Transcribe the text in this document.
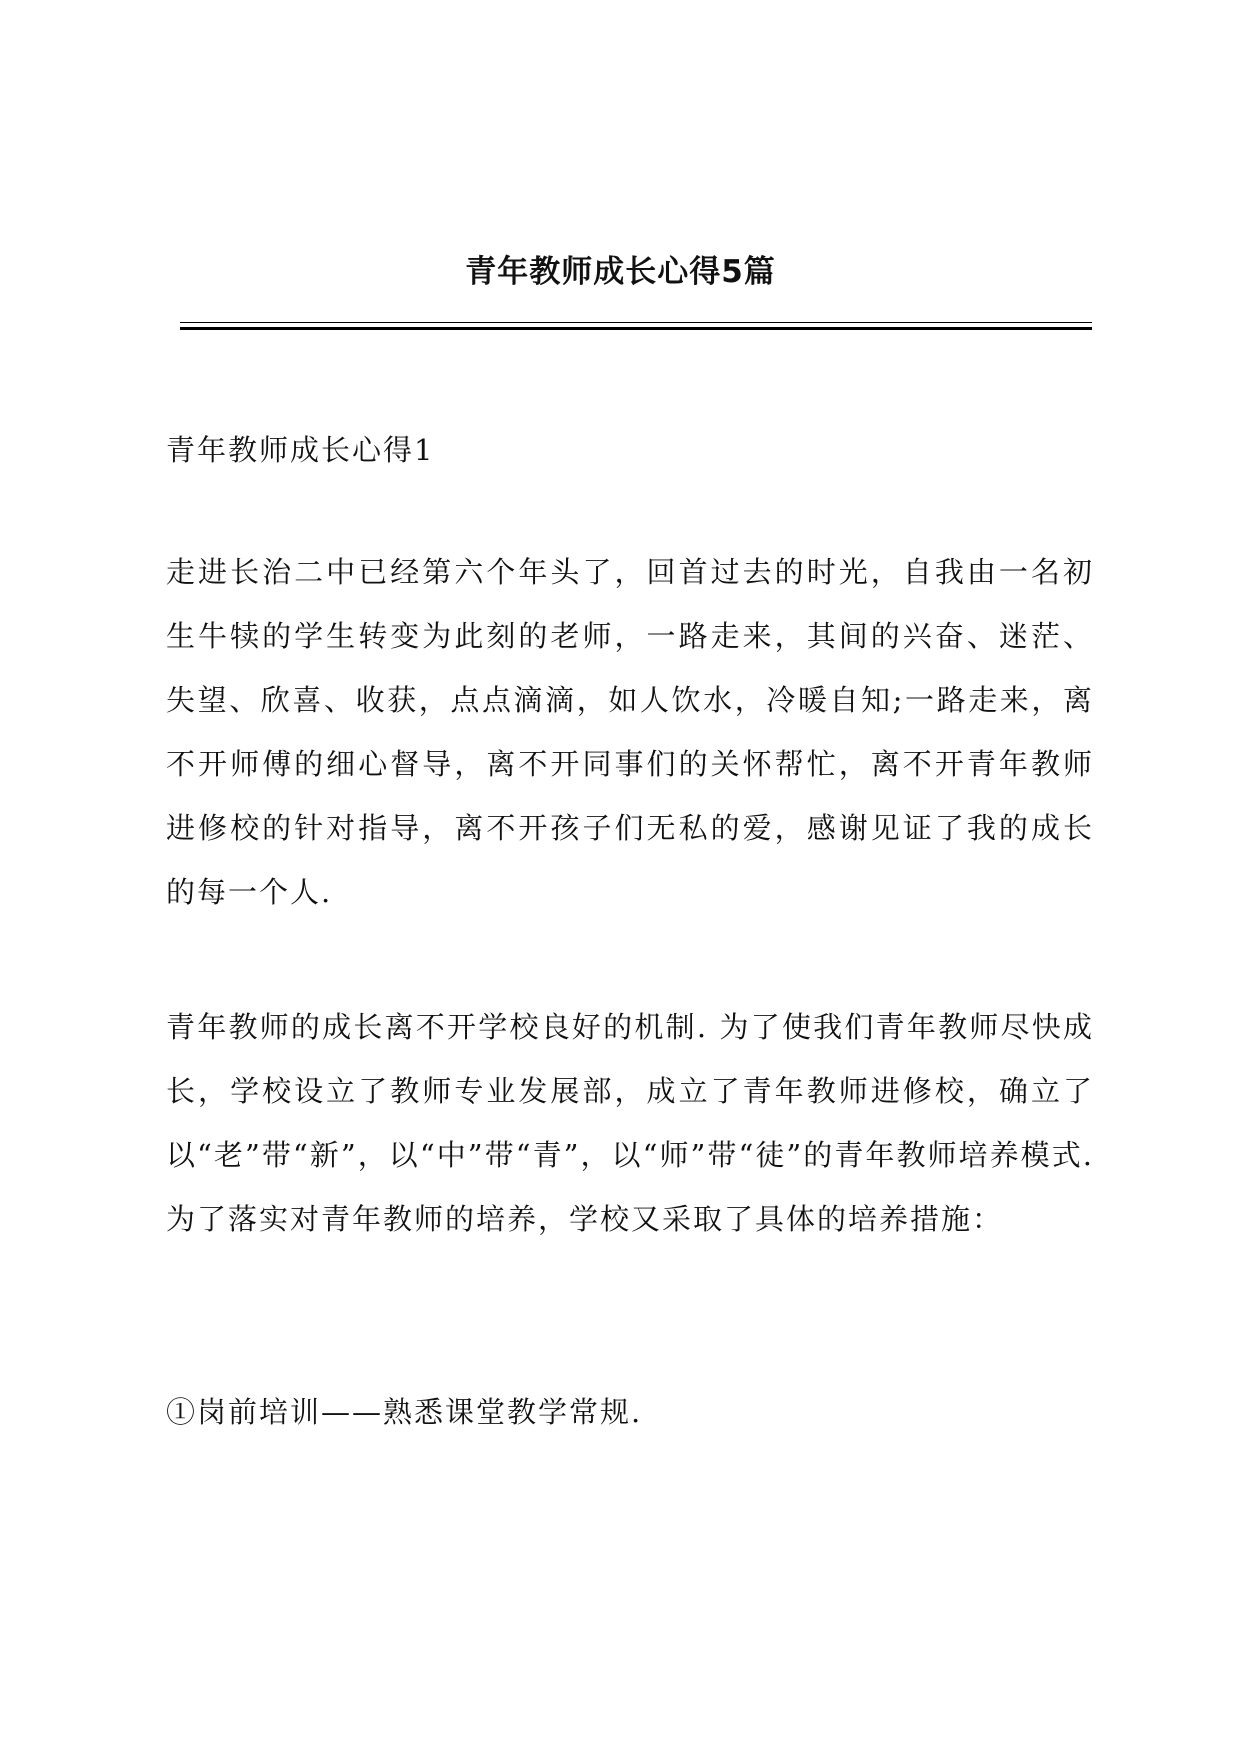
青年教师成长心得5篇

青年教师成长心得1

走进长治二中已经第六个年头了，回首过去的时光，自我由一名初生牛犊的学生转变为此刻的老师，一路走来，其间的兴奋、迷茫、失望、欣喜、收获，点点滴滴，如人饮水，冷暖自知;一路走来，离不开师傅的细心督导，离不开同事们的关怀帮忙，离不开青年教师进修校的针对指导，离不开孩子们无私的爱，感谢见证了我的成长的每一个人.

青年教师的成长离不开学校良好的机制. 为了使我们青年教师尽快成长，学校设立了教师专业发展部，成立了青年教师进修校，确立了以“老”带“新”，以“中”带“青”，以“师”带“徒”的青年教师培养模式. 为了落实对青年教师的培养，学校又采取了具体的培养措施：

①岗前培训——熟悉课堂教学常规.
